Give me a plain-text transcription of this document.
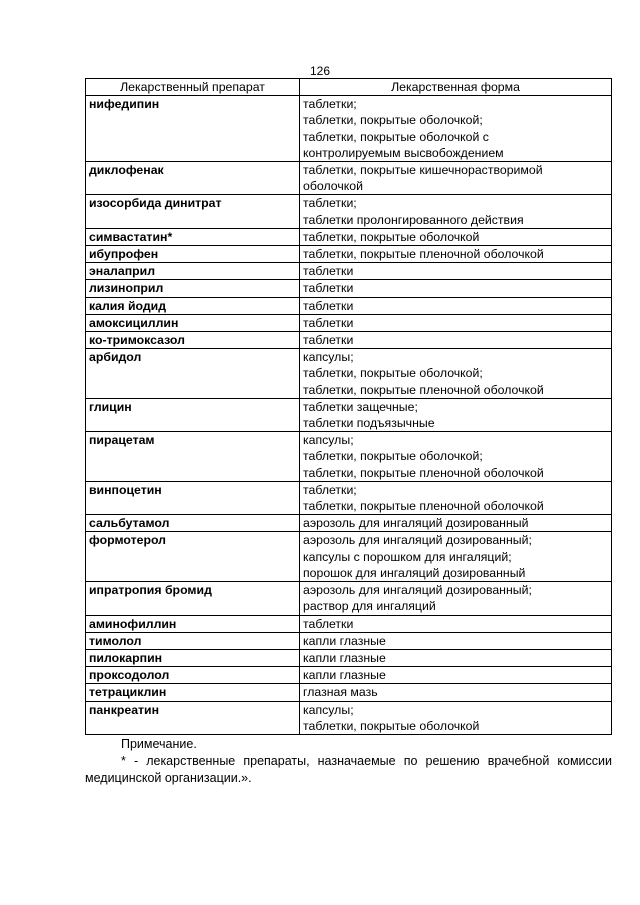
126
Лекарственный препарат	Лекарственная форма
нифедипин	таблетки;
таблетки, покрытые оболочкой;
таблетки, покрытые оболочкой с
контролируемым высвобождением

диклофенак	таблетки, покрытые кишечнорастворимой
оболочкой

изосорбида динитрат	таблетки;
таблетки пролонгированного действия

симвастатин*	таблетки, покрытые оболочкой

ибупрофен	таблетки, покрытые пленочной оболочкой

эналаприл	таблетки

лизиноприл	таблетки

калия йодид	таблетки

амоксициллин	таблетки

ко-тримоксазол	таблетки

арбидол	капсулы;
таблетки, покрытые оболочкой;
таблетки, покрытые пленочной оболочкой

глицин	таблетки защечные;
таблетки подъязычные

пирацетам	капсулы;
таблетки, покрытые оболочкой;
таблетки, покрытые пленочной оболочкой

винпоцетин	таблетки;
таблетки, покрытые пленочной оболочкой

сальбутамол	аэрозоль для ингаляций дозированный

формотерол	аэрозоль для ингаляций дозированный;
капсулы с порошком для ингаляций;
порошок для ингаляций дозированный

ипратропия бромид	аэрозоль для ингаляций дозированный;
раствор для ингаляций

аминофиллин	таблетки

тимолол	капли глазные

пилокарпин	капли глазные

проксодолол	капли глазные

тетрациклин	глазная мазь

панкреатин	капсулы;
таблетки, покрытые оболочкой
Примечание.
* - лекарственные препараты, назначаемые по решению врачебной комиссии медицинской организации.».
